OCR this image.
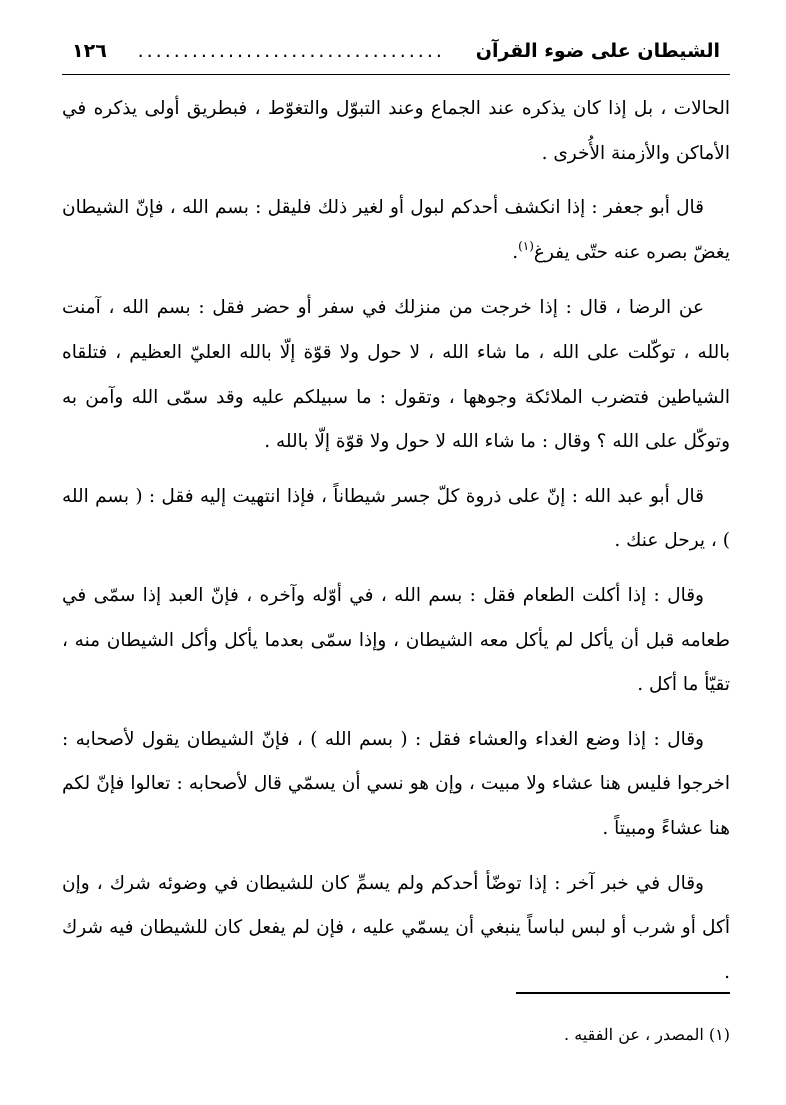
١٢٦	..................................	الشيطان على ضوء القرآن

الحالات ، بل إذا كان يذكره عند الجماع وعند التبوّل والتغوّط ، فبطريق أولى يذكره في الأماكن والأزمنة الأُخرى .

قال أبو جعفر : إذا انكشف أحدكم لبول أو لغير ذلك فليقل : بسم الله ، فإنّ الشيطان يغضّ بصره عنه حتّى يفرغ$^{(١)}$.

عن الرضا ، قال : إذا خرجت من منزلك في سفر أو حضر فقل : بسم الله ، آمنت بالله ، توكّلت على الله ، ما شاء الله ، لا حول ولا قوّة إلّا بالله العليّ العظيم ، فتلقاه الشياطين فتضرب الملائكة وجوهها ، وتقول : ما سبيلكم عليه وقد سمّى الله وآمن به وتوكّل على الله ؟ وقال : ما شاء الله لا حول ولا قوّة إلّا بالله .

قال أبو عبد الله : إنّ على ذروة كلّ جسر شيطاناً ، فإذا انتهيت إليه فقل : ( بسم الله ) ، يرحل عنك .

وقال : إذا أكلت الطعام فقل : بسم الله ، في أوّله وآخره ، فإنّ العبد إذا سمّى في طعامه قبل أن يأكل لم يأكل معه الشيطان ، وإذا سمّى بعدما يأكل وأكل الشيطان منه ، تقيّأ ما أكل .

وقال : إذا وضع الغداء والعشاء فقل : ( بسم الله ) ، فإنّ الشيطان يقول لأصحابه : اخرجوا فليس هنا عشاء ولا مبيت ، وإن هو نسي أن يسمّي قال لأصحابه : تعالوا فإنّ لكم هنا عشاءً ومبيتاً .

وقال في خبر آخر : إذا توضّأ أحدكم ولم يسمِّ كان للشيطان في وضوئه شرك ، وإن أكل أو شرب أو لبس لباساً ينبغي أن يسمّي عليه ، فإن لم يفعل كان للشيطان فيه شرك .

(١) المصدر ، عن الفقيه .
